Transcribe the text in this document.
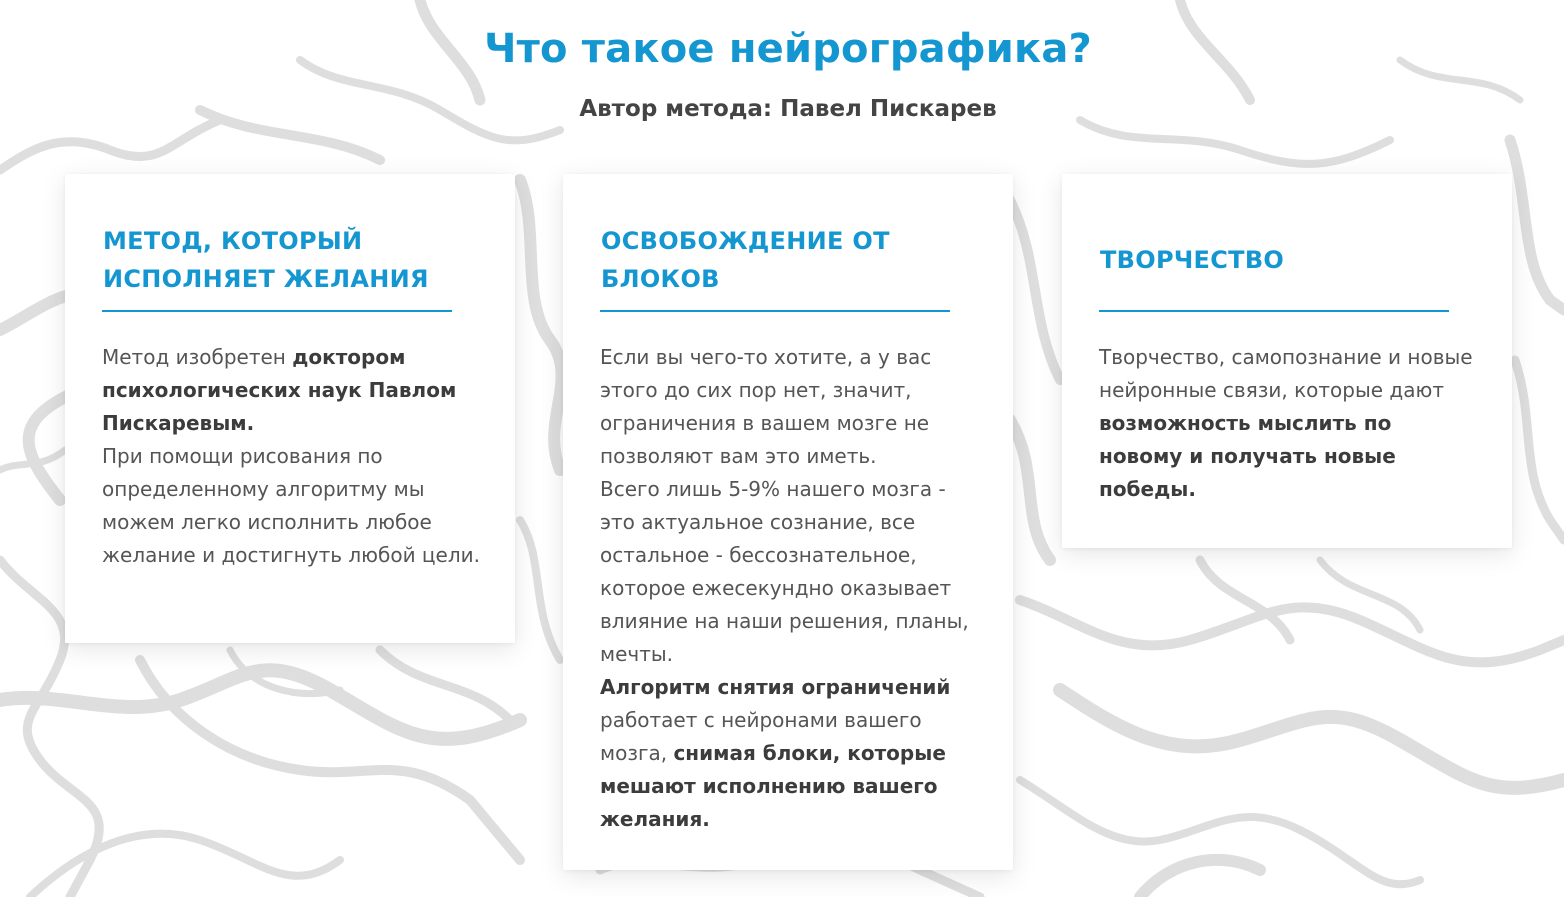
Что такое нейрографика?

Автор метода: Павел Пискарев

МЕТОД, КОТОРЫЙ ИСПОЛНЯЕТ ЖЕЛАНИЯ

Метод изобретен доктором психологических наук Павлом Пискаревым.
При помощи рисования по определенному алгоритму мы можем легко исполнить любое желание и достигнуть любой цели.

ОСВОБОЖДЕНИЕ ОТ БЛОКОВ

Если вы чего-то хотите, а у вас этого до сих пор нет, значит, ограничения в вашем мозге не позволяют вам это иметь.
Всего лишь 5-9% нашего мозга - это актуальное сознание, все остальное - бессознательное, которое ежесекундно оказывает влияние на наши решения, планы, мечты.
Алгоритм снятия ограничений работает с нейронами вашего мозга, снимая блоки, которые мешают исполнению вашего желания.

ТВОРЧЕСТВО

Творчество, самопознание и новые нейронные связи, которые дают возможность мыслить по новому и получать новые победы.
